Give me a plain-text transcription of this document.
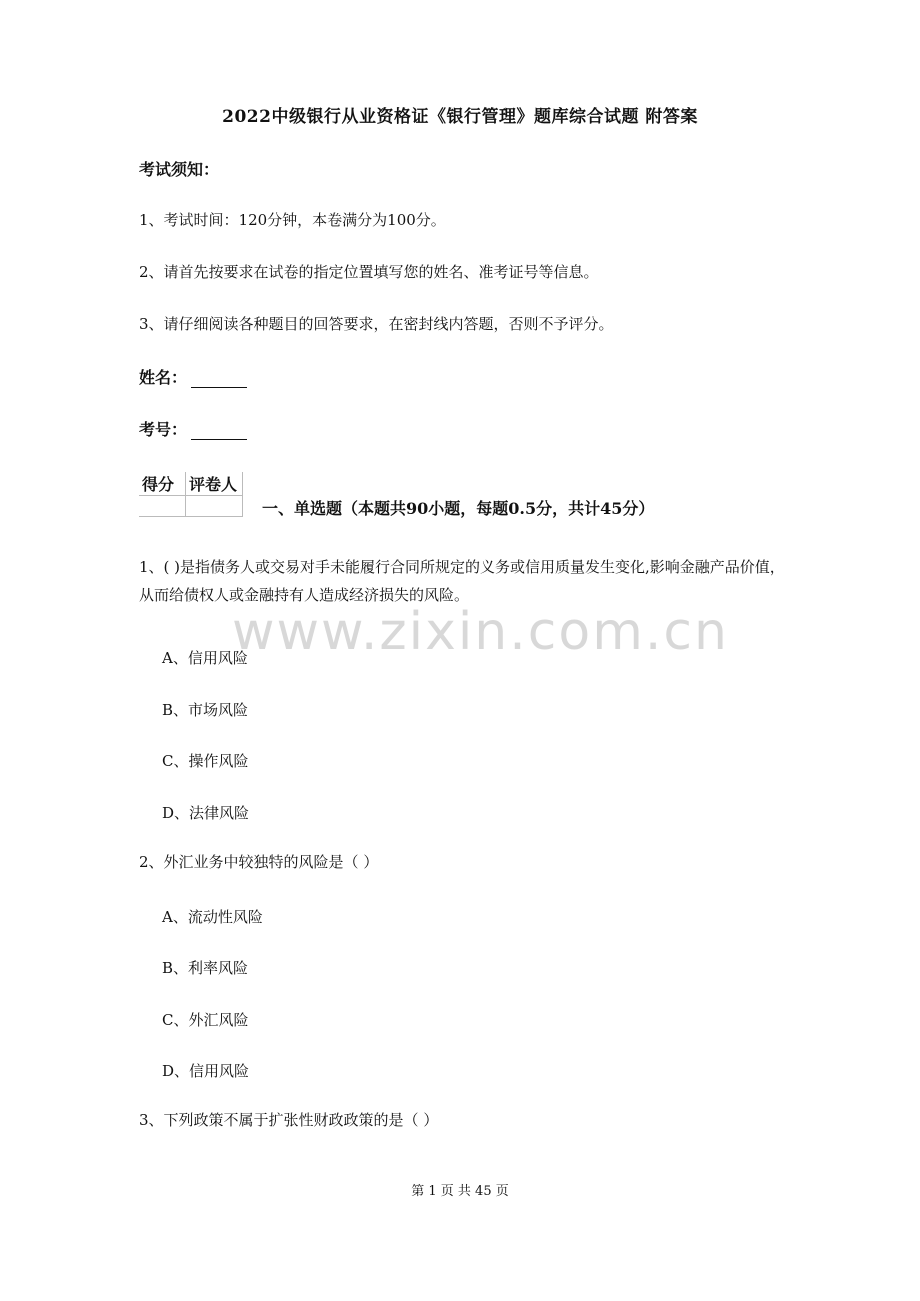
2022中级银行从业资格证《银行管理》题库综合试题 附答案
考试须知：
1、考试时间：120分钟，本卷满分为100分。
2、请首先按要求在试卷的指定位置填写您的姓名、准考证号等信息。
3、请仔细阅读各种题目的回答要求，在密封线内答题，否则不予评分。
姓名：
考号：
得分	评卷人

一、单选题（本题共90小题，每题0.5分，共计45分）
1、( )是指债务人或交易对手未能履行合同所规定的义务或信用质量发生变化,影响金融产品价值，从而给债权人或金融持有人造成经济损失的风险。
A、信用风险
B、市场风险
C、操作风险
D、法律风险
2、外汇业务中较独特的风险是（ ）
A、流动性风险
B、利率风险
C、外汇风险
D、信用风险
3、下列政策不属于扩张性财政政策的是（ ）
www.zixin.com.cn
第 1 页 共 45 页
